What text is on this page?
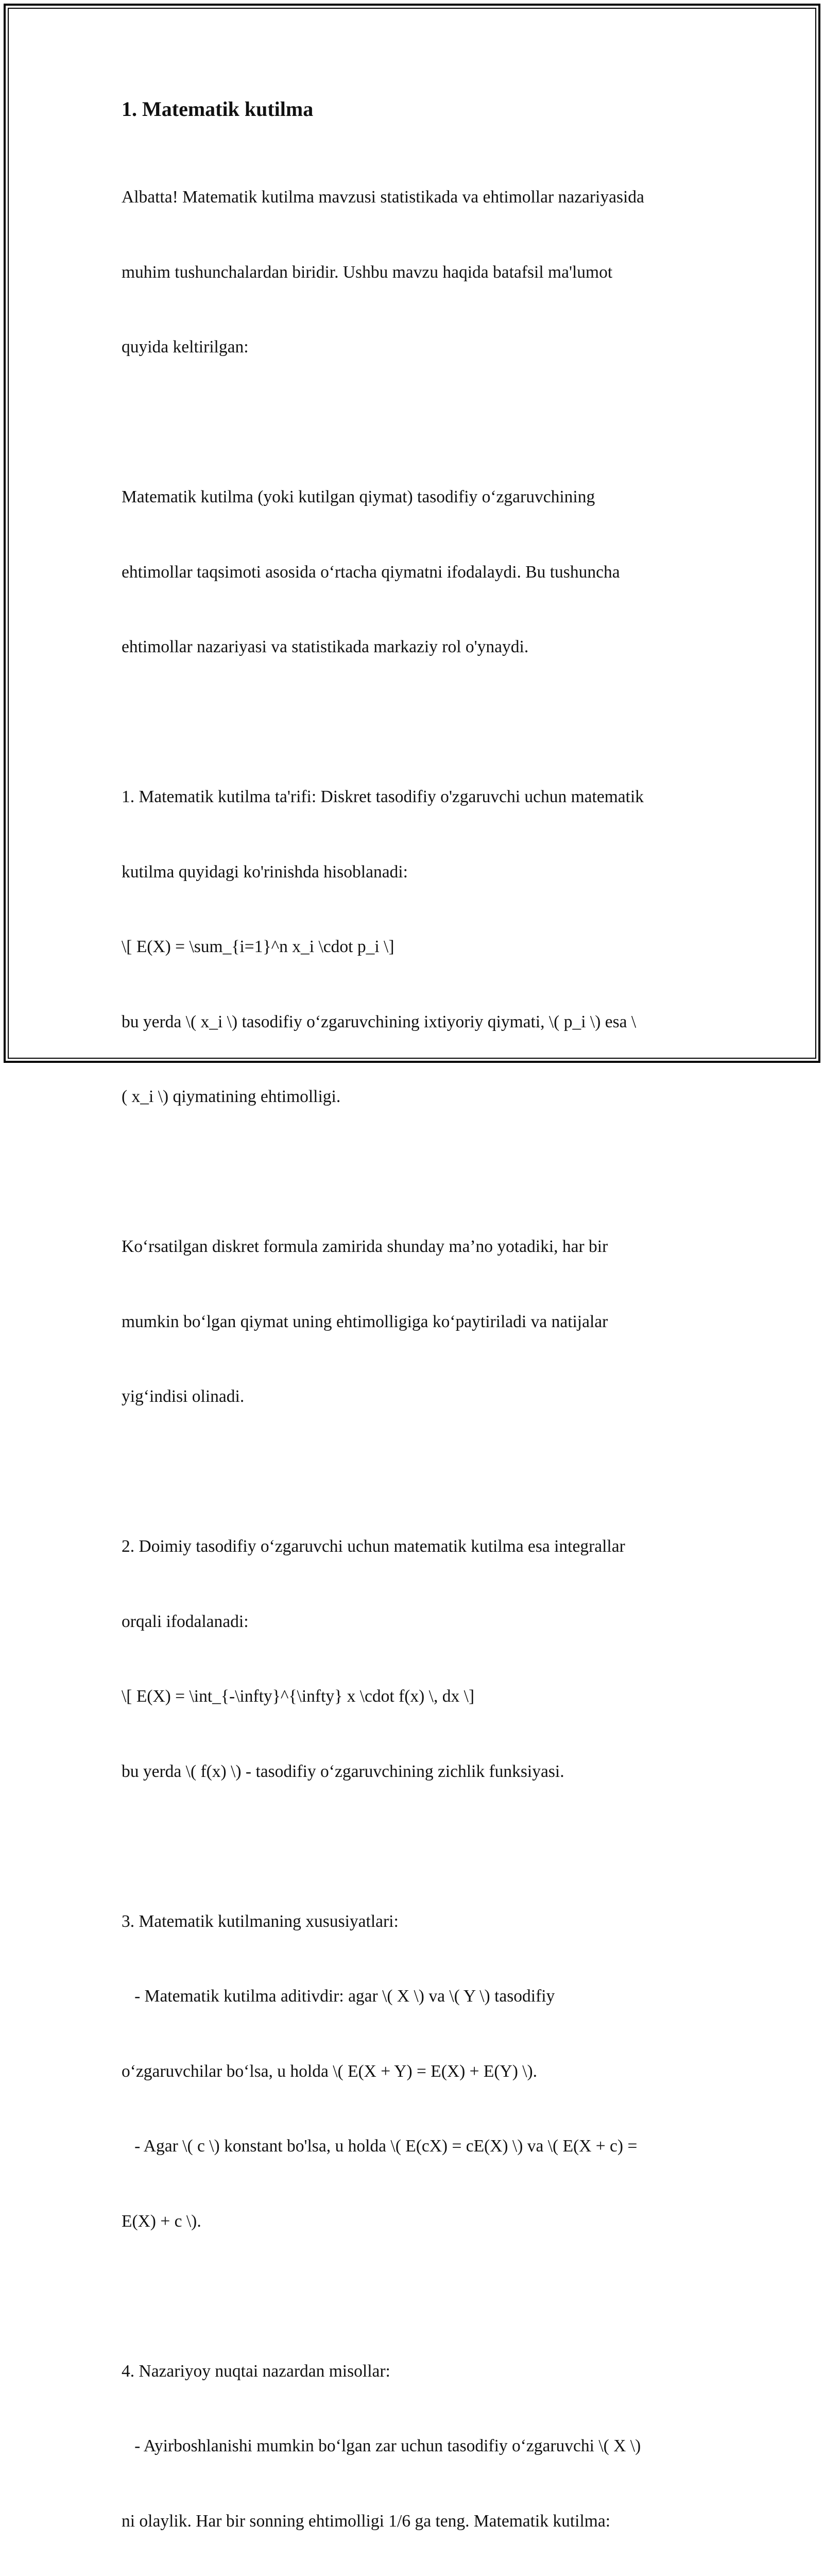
1. Matematik kutilma

Albatta! Matematik kutilma mavzusi statistikada va ehtimollar nazariyasida

muhim tushunchalardan biridir. Ushbu mavzu haqida batafsil ma'lumot

quyida keltirilgan:

Matematik kutilma (yoki kutilgan qiymat) tasodifiy o‘zgaruvchining

ehtimollar taqsimoti asosida o‘rtacha qiymatni ifodalaydi. Bu tushuncha

ehtimollar nazariyasi va statistikada markaziy rol o'ynaydi.

1. Matematik kutilma ta'rifi: Diskret tasodifiy o'zgaruvchi uchun matematik

kutilma quyidagi ko'rinishda hisoblanadi:

\[ E(X) = \sum_{i=1}^n x_i \cdot p_i \]

bu yerda \( x_i \) tasodifiy o‘zgaruvchining ixtiyoriy qiymati, \( p_i \) esa \

( x_i \) qiymatining ehtimolligi.

Ko‘rsatilgan diskret formula zamirida shunday ma’no yotadiki, har bir

mumkin bo‘lgan qiymat uning ehtimolligiga ko‘paytiriladi va natijalar

yig‘indisi olinadi.

2. Doimiy tasodifiy o‘zgaruvchi uchun matematik kutilma esa integrallar

orqali ifodalanadi:

\[ E(X) = \int_{-\infty}^{\infty} x \cdot f(x) \, dx \]

bu yerda \( f(x) \) - tasodifiy o‘zgaruvchining zichlik funksiyasi.

3. Matematik kutilmaning xususiyatlari:

- Matematik kutilma aditivdir: agar \( X \) va \( Y \) tasodifiy

o‘zgaruvchilar bo‘lsa, u holda \( E(X + Y) = E(X) + E(Y) \).

- Agar \( c \) konstant bo'lsa, u holda \( E(cX) = cE(X) \) va \( E(X + c) =

E(X) + c \).

4. Nazariyoy nuqtai nazardan misollar:

- Ayirboshlanishi mumkin bo‘lgan zar uchun tasodifiy o‘zgaruvchi \( X \)

ni olaylik. Har bir sonning ehtimolligi 1/6 ga teng. Matematik kutilma:
